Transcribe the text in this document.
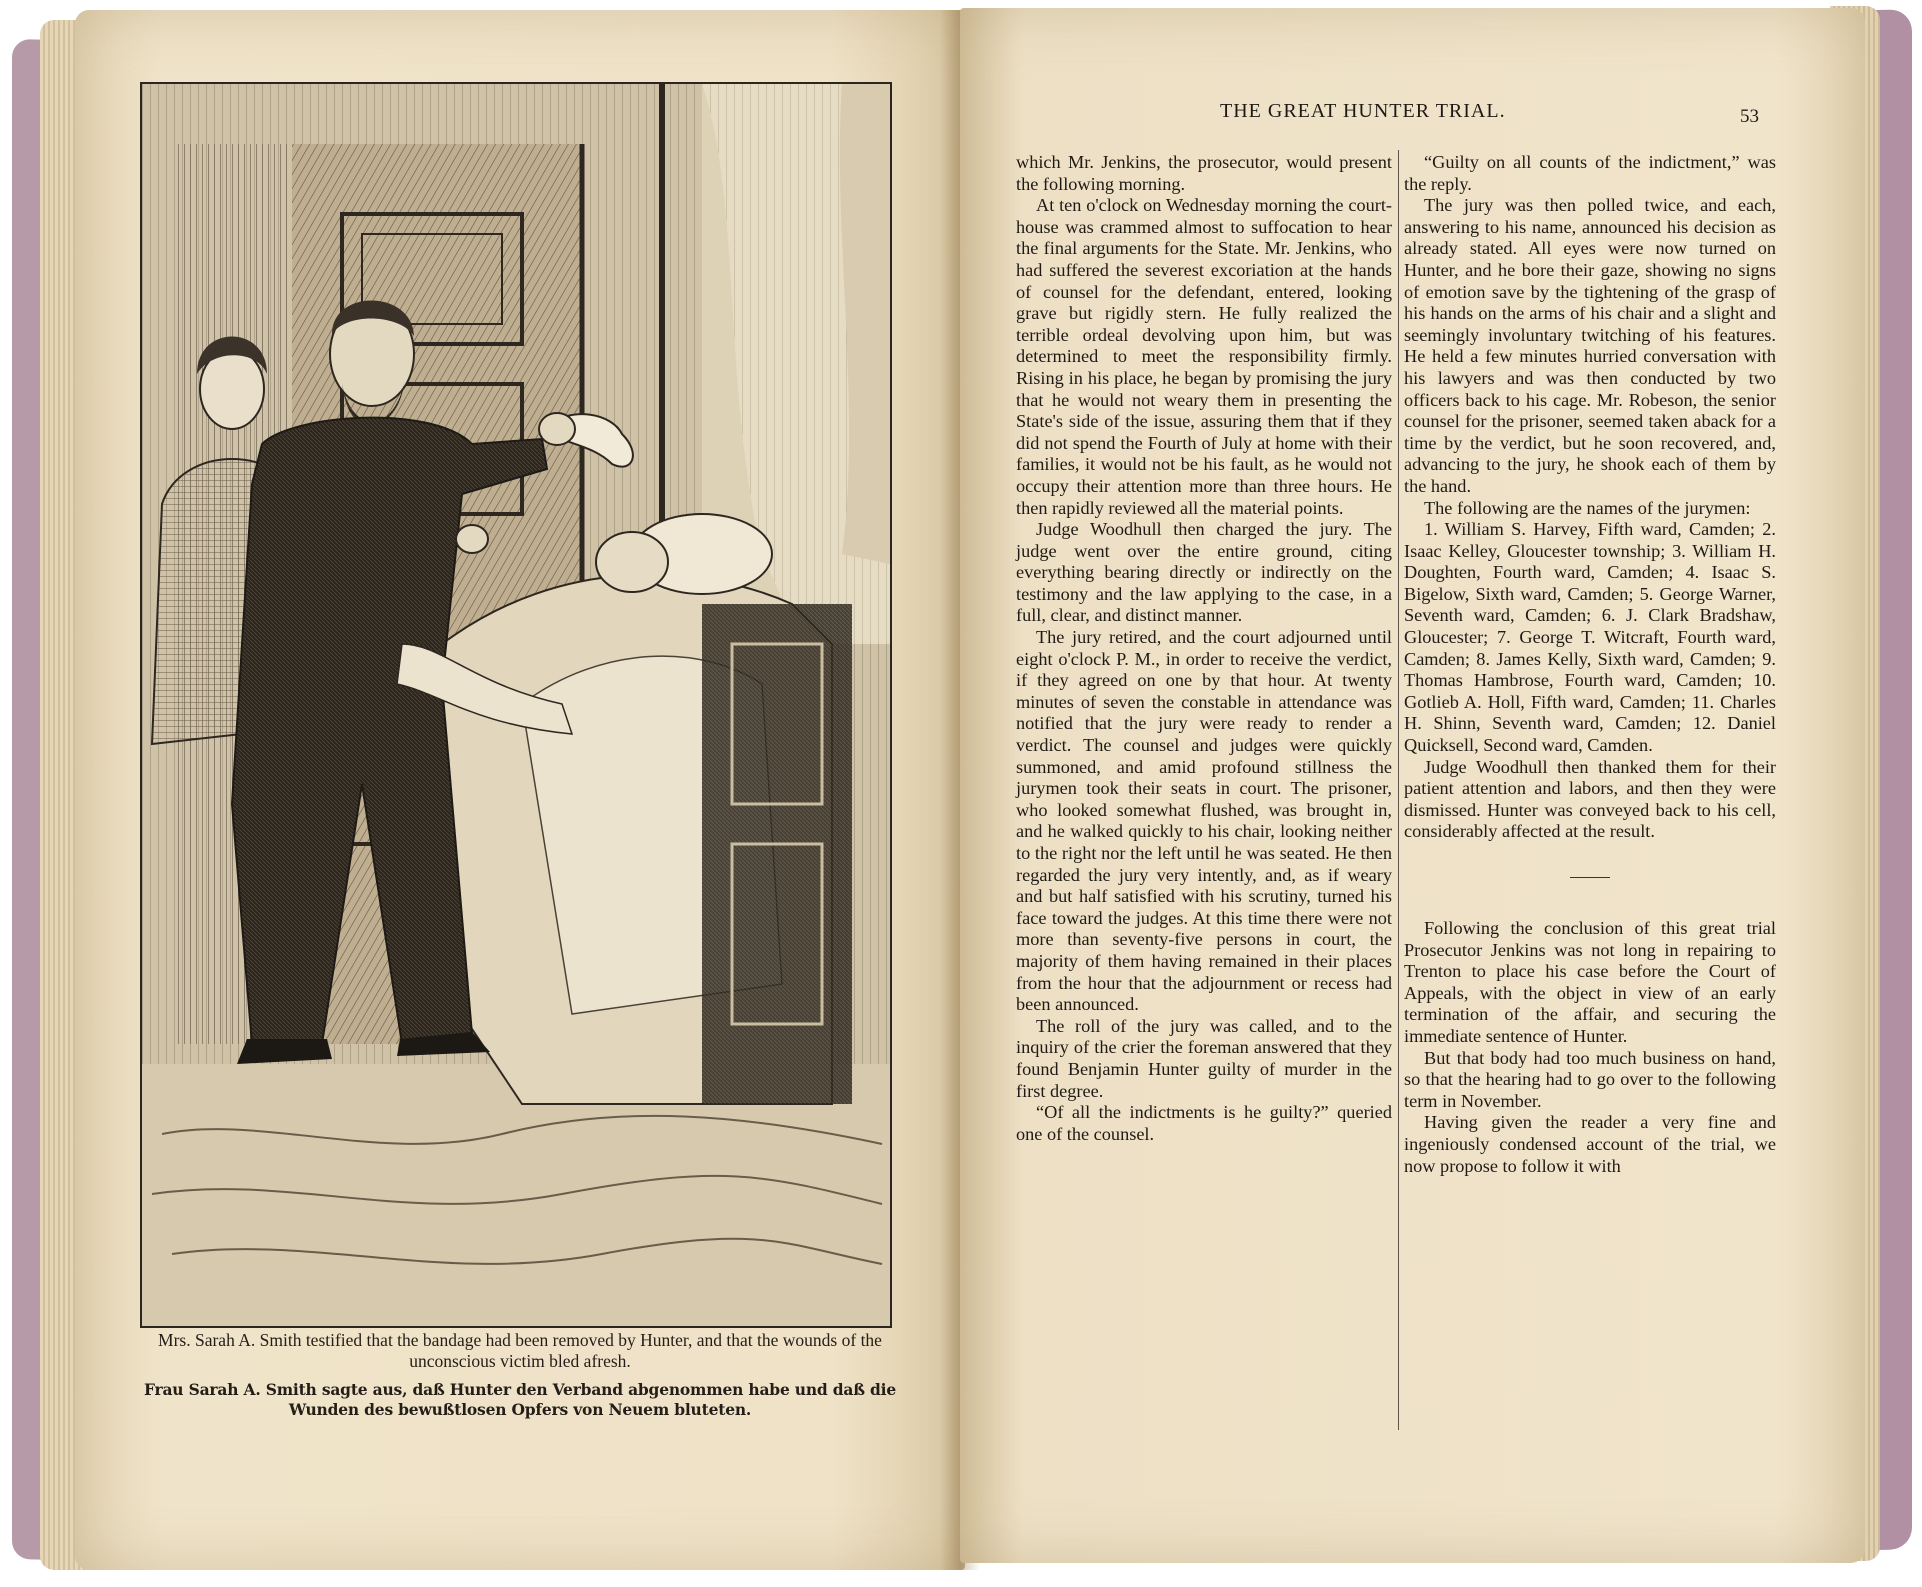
Mrs. Sarah A. Smith testified that the bandage had been removed by Hunter, and that the wounds of the unconscious victim bled afresh.

Frau Sarah A. Smith sagte aus, daß Hunter den Verband abgenommen habe und daß die Wunden des bewußtlosen Opfers von Neuem bluteten.

THE GREAT HUNTER TRIAL.	53

which Mr. Jenkins, the prosecutor, would present the following morning.

At ten o'clock on Wednesday morning the court-house was crammed almost to suffocation to hear the final arguments for the State. Mr. Jenkins, who had suffered the severest excoriation at the hands of counsel for the defendant, entered, looking grave but rigidly stern. He fully realized the terrible ordeal devolving upon him, but was determined to meet the responsibility firmly. Rising in his place, he began by promising the jury that he would not weary them in presenting the State's side of the issue, assuring them that if they did not spend the Fourth of July at home with their families, it would not be his fault, as he would not occupy their attention more than three hours. He then rapidly reviewed all the material points.

Judge Woodhull then charged the jury. The judge went over the entire ground, citing everything bearing directly or indirectly on the testimony and the law applying to the case, in a full, clear, and distinct manner.

The jury retired, and the court adjourned until eight o'clock P. M., in order to receive the verdict, if they agreed on one by that hour. At twenty minutes of seven the constable in attendance was notified that the jury were ready to render a verdict. The counsel and judges were quickly summoned, and amid profound stillness the jurymen took their seats in court. The prisoner, who looked somewhat flushed, was brought in, and he walked quickly to his chair, looking neither to the right nor the left until he was seated. He then regarded the jury very intently, and, as if weary and but half satisfied with his scrutiny, turned his face toward the judges. At this time there were not more than seventy-five persons in court, the majority of them having remained in their places from the hour that the adjournment or recess had been announced.

The roll of the jury was called, and to the inquiry of the crier the foreman answered that they found Benjamin Hunter guilty of murder in the first degree.

“Of all the indictments is he guilty?” queried one of the counsel.

“Guilty on all counts of the indictment,” was the reply.

The jury was then polled twice, and each, answering to his name, announced his decision as already stated. All eyes were now turned on Hunter, and he bore their gaze, showing no signs of emotion save by the tightening of the grasp of his hands on the arms of his chair and a slight and seemingly involuntary twitching of his features. He held a few minutes hurried conversation with his lawyers and was then conducted by two officers back to his cage. Mr. Robeson, the senior counsel for the prisoner, seemed taken aback for a time by the verdict, but he soon recovered, and, advancing to the jury, he shook each of them by the hand.

The following are the names of the jurymen:

1. William S. Harvey, Fifth ward, Camden; 2. Isaac Kelley, Gloucester township; 3. William H. Doughten, Fourth ward, Camden; 4. Isaac S. Bigelow, Sixth ward, Camden; 5. George Warner, Seventh ward, Camden; 6. J. Clark Bradshaw, Gloucester; 7. George T. Witcraft, Fourth ward, Camden; 8. James Kelly, Sixth ward, Camden; 9. Thomas Hambrose, Fourth ward, Camden; 10. Gotlieb A. Holl, Fifth ward, Camden; 11. Charles H. Shinn, Seventh ward, Camden; 12. Daniel Quicksell, Second ward, Camden.

Judge Woodhull then thanked them for their patient attention and labors, and then they were dismissed. Hunter was conveyed back to his cell, considerably affected at the result.

Following the conclusion of this great trial Prosecutor Jenkins was not long in repairing to Trenton to place his case before the Court of Appeals, with the object in view of an early termination of the affair, and securing the immediate sentence of Hunter.

But that body had too much business on hand, so that the hearing had to go over to the following term in November.

Having given the reader a very fine and ingeniously condensed account of the trial, we now propose to follow it with
